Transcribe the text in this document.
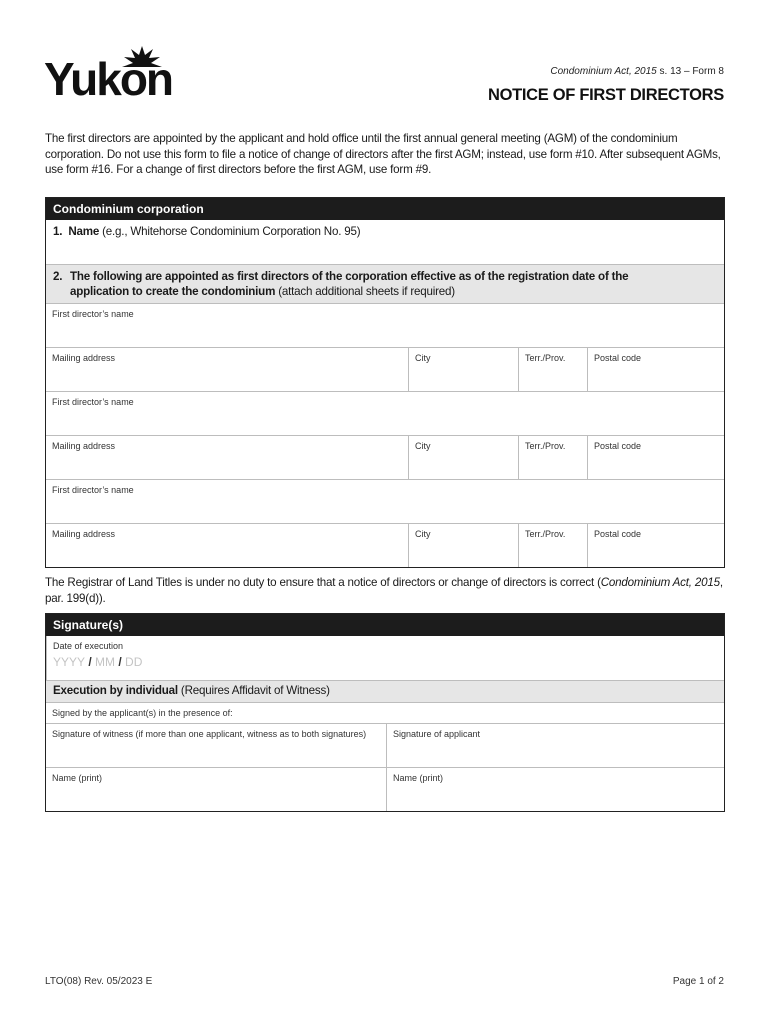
Yukon	Condominium Act, 2015 s. 13 – Form 8
NOTICE OF FIRST DIRECTORS
The first directors are appointed by the applicant and hold office until the first annual general meeting (AGM) of the condominium corporation. Do not use this form to file a notice of change of directors after the first AGM; instead, use form #10. After subsequent AGMs, use form #16. For a change of first directors before the first AGM, use form #9.
Condominium corporation
1. Name (e.g., Whitehorse Condominium Corporation No. 95)
2. The following are appointed as first directors of the corporation effective as of the registration date of the
application to create the condominium (attach additional sheets if required)
First director’s name
Mailing address	City	Terr./Prov.	Postal code
First director’s name
Mailing address	City	Terr./Prov.	Postal code
First director’s name
Mailing address	City	Terr./Prov.	Postal code
The Registrar of Land Titles is under no duty to ensure that a notice of directors or change of directors is correct (Condominium Act, 2015, par. 199(d)).
Signature(s)
Date of execution
YYYY / MM / DD
Execution by individual (Requires Affidavit of Witness)
Signed by the applicant(s) in the presence of:
Signature of witness (if more than one applicant, witness as to both signatures)	Signature of applicant
Name (print)	Name (print)
LTO(08) Rev. 05/2023 E	Page 1 of 2
